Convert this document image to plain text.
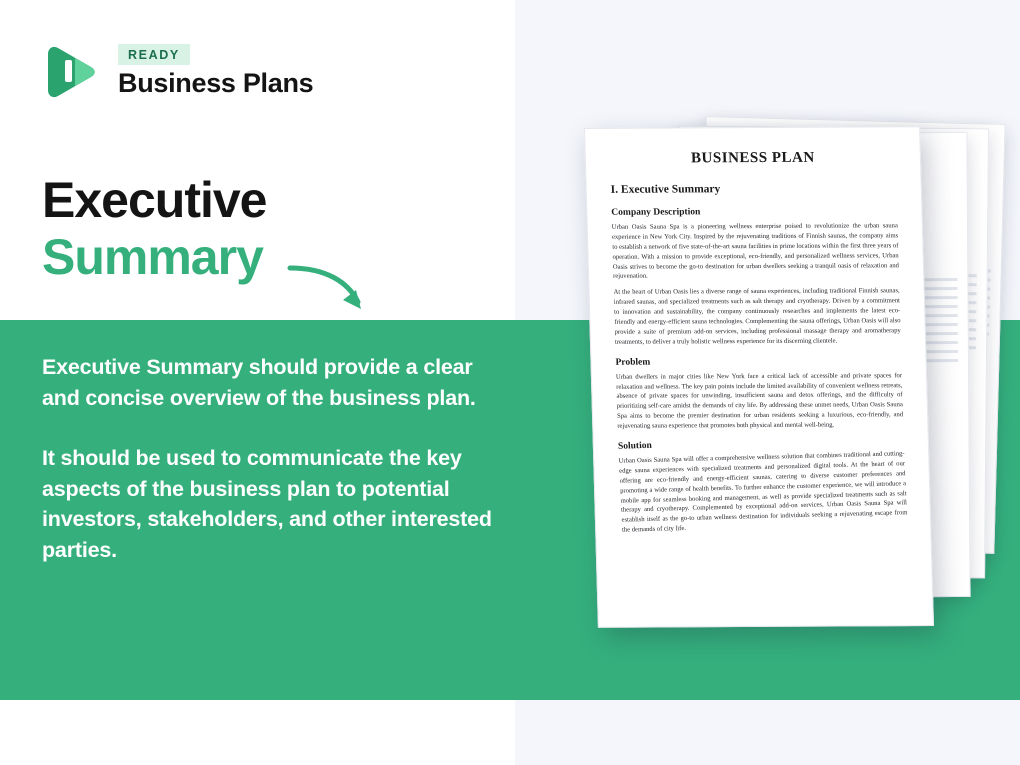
READY
Business Plans
Executive
Summary

Executive Summary should provide a clear and concise overview of the business plan.

It should be used to communicate the key aspects of the business plan to potential investors, stakeholders, and other interested parties.

BUSINESS PLAN
I. Executive Summary
Company Description
Urban Oasis Sauna Spa is a pioneering wellness enterprise poised to revolutionize the urban sauna experience in New York City. Inspired by the rejuvenating traditions of Finnish saunas, the company aims to establish a network of five state-of-the-art sauna facilities in prime locations within the first three years of operation. With a mission to provide exceptional, eco-friendly, and personalized wellness services, Urban Oasis strives to become the go-to destination for urban dwellers seeking a tranquil oasis of relaxation and rejuvenation.
At the heart of Urban Oasis lies a diverse range of sauna experiences, including traditional Finnish saunas, infrared saunas, and specialized treatments such as salt therapy and cryotherapy. Driven by a commitment to innovation and sustainability, the company continuously researches and implements the latest eco-friendly and energy-efficient sauna technologies. Complementing the sauna offerings, Urban Oasis will also provide a suite of premium add-on services, including professional massage therapy and aromatherapy treatments, to deliver a truly holistic wellness experience for its discerning clientele.
Problem
Urban dwellers in major cities like New York face a critical lack of accessible and private spaces for relaxation and wellness. The key pain points include the limited availability of convenient wellness retreats, absence of private spaces for unwinding, insufficient sauna and detox offerings, and the difficulty of prioritizing self-care amidst the demands of city life. By addressing these unmet needs, Urban Oasis Sauna Spa aims to become the premier destination for urban residents seeking a luxurious, eco-friendly, and rejuvenating sauna experience that promotes both physical and mental well-being.
Solution
Urban Oasis Sauna Spa will offer a comprehensive wellness solution that combines traditional and cutting-edge sauna experiences with specialized treatments and personalized digital tools. At the heart of our offering are eco-friendly and energy-efficient saunas, catering to diverse customer preferences and promoting a wide range of health benefits. To further enhance the customer experience, we will introduce a mobile app for seamless booking and management, as well as provide specialized treatments such as salt therapy and cryotherapy. Complemented by exceptional add-on services, Urban Oasis Sauna Spa will establish itself as the go-to urban wellness destination for individuals seeking a rejuvenating escape from the demands of city life.
